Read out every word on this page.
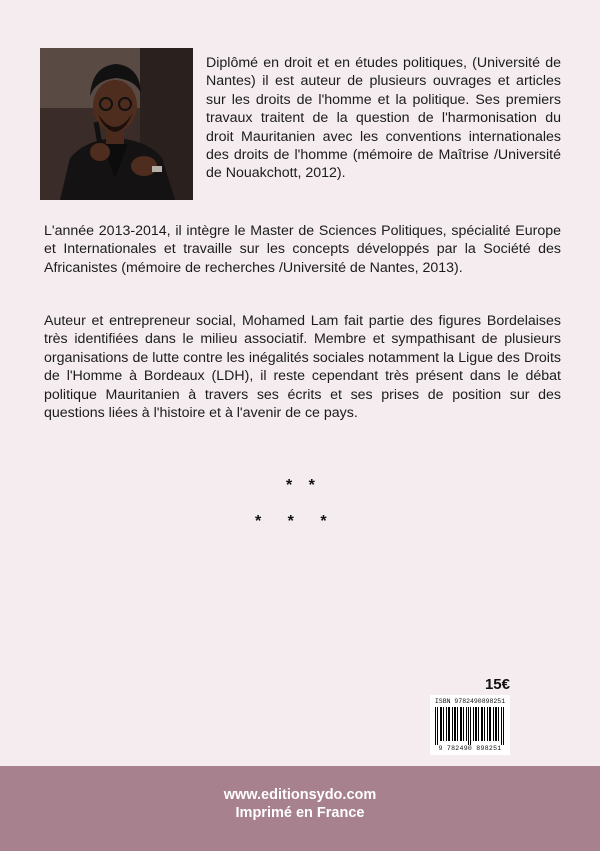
Diplômé en droit et en études politiques, (Université de Nantes) il est auteur de plusieurs ouvrages et articles sur les droits de l'homme et la politique. Ses premiers travaux traitent de la question de l'harmonisation du droit Mauritanien avec les conventions internationales des droits de l'homme (mémoire de Maîtrise /Université de Nouakchott, 2012).
L'année 2013-2014, il intègre le Master de Sciences Politiques, spécialité Europe et Internationales et travaille sur les concepts développés par la Société des Africanistes (mémoire de recherches /Université de Nantes, 2013).
Auteur et entrepreneur social, Mohamed Lam fait partie des figures Bordelaises très identifiées dans le milieu associatif. Membre et sympathisant de plusieurs organisations de lutte contre les inégalités sociales notamment la Ligue des Droits de l'Homme à Bordeaux (LDH), il reste cependant très présent dans le débat politique Mauritanien à travers ses écrits et ses prises de position sur des questions liées à l'histoire et à l'avenir de ce pays.
* *
* * *
15€
ISBN 9782490898251
9 782490 898251
www.editionsydo.com
Imprimé en France
